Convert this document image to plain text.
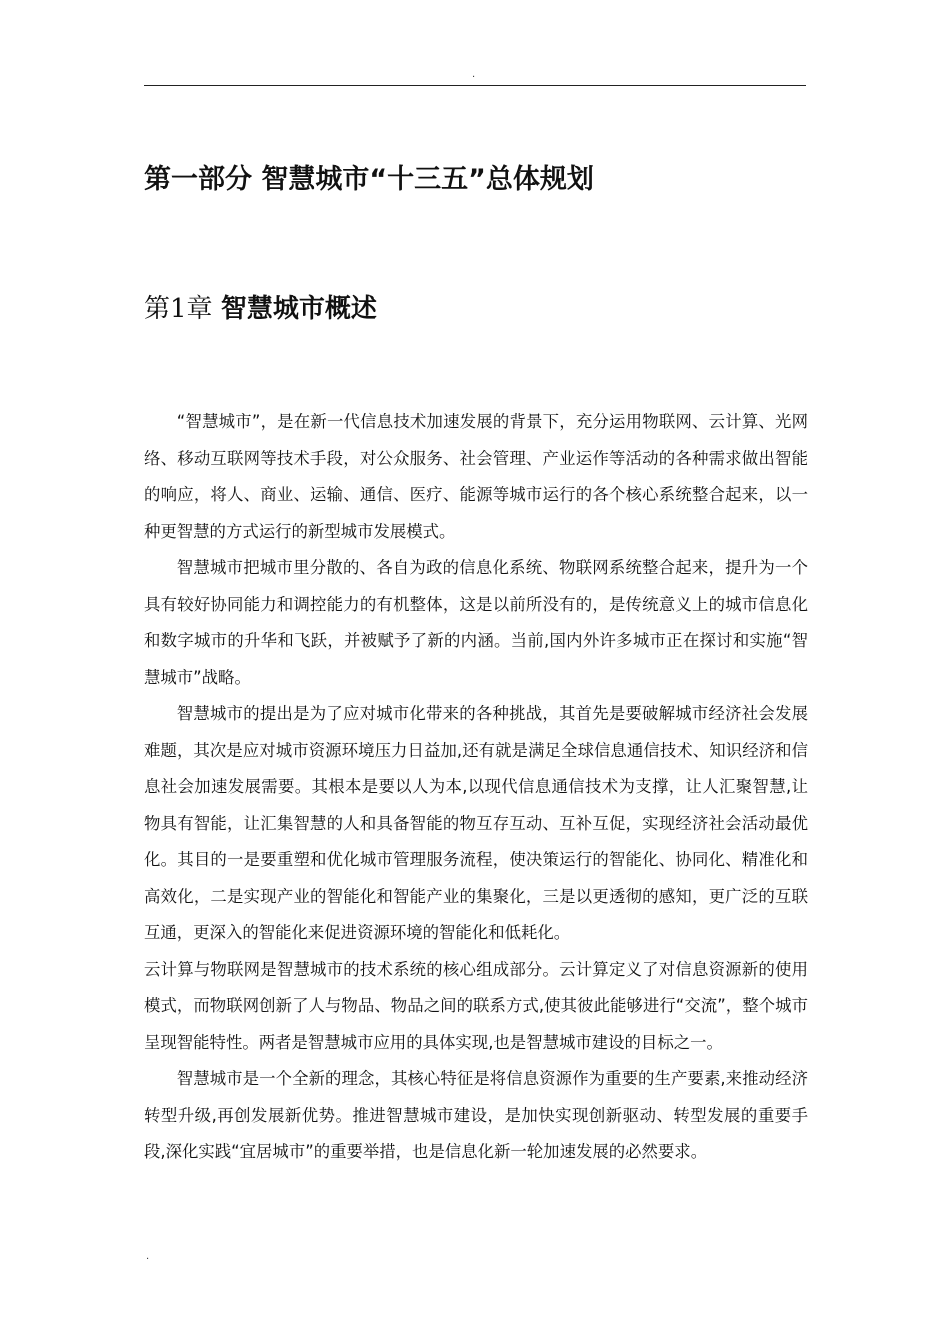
.
第一部分 智慧城市“十三五”总体规划
第1章 智慧城市概述

“智慧城市”，是在新一代信息技术加速发展的背景下，充分运用物联网、云计算、光网络、移动互联网等技术手段，对公众服务、社会管理、产业运作等活动的各种需求做出智能的响应，将人、商业、运输、通信、医疗、能源等城市运行的各个核心系统整合起来，以一种更智慧的方式运行的新型城市发展模式。

智慧城市把城市里分散的、各自为政的信息化系统、物联网系统整合起来，提升为一个具有较好协同能力和调控能力的有机整体，这是以前所没有的，是传统意义上的城市信息化和数字城市的升华和飞跃，并被赋予了新的内涵。当前,国内外许多城市正在探讨和实施“智慧城市”战略。

智慧城市的提出是为了应对城市化带来的各种挑战，其首先是要破解城市经济社会发展难题，其次是应对城市资源环境压力日益加,还有就是满足全球信息通信技术、知识经济和信息社会加速发展需要。其根本是要以人为本,以现代信息通信技术为支撑，让人汇聚智慧,让物具有智能，让汇集智慧的人和具备智能的物互存互动、互补互促，实现经济社会活动最优化。其目的一是要重塑和优化城市管理服务流程，使决策运行的智能化、协同化、精准化和高效化，二是实现产业的智能化和智能产业的集聚化，三是以更透彻的感知，更广泛的互联互通，更深入的智能化来促进资源环境的智能化和低耗化。

云计算与物联网是智慧城市的技术系统的核心组成部分。云计算定义了对信息资源新的使用模式，而物联网创新了人与物品、物品之间的联系方式,使其彼此能够进行“交流”，整个城市呈现智能特性。两者是智慧城市应用的具体实现,也是智慧城市建设的目标之一。

智慧城市是一个全新的理念，其核心特征是将信息资源作为重要的生产要素,来推动经济转型升级,再创发展新优势。推进智慧城市建设，是加快实现创新驱动、转型发展的重要手段,深化实践“宜居城市”的重要举措，也是信息化新一轮加速发展的必然要求。

.
